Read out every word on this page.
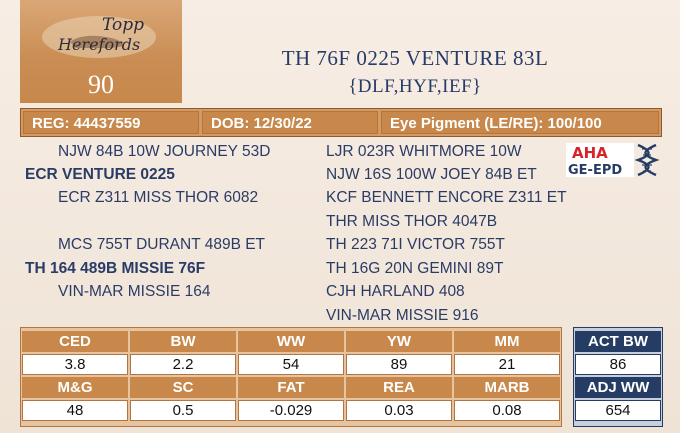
Topp
Herefords
90
TH 76F 0225 VENTURE 83L
{DLF,HYF,IEF}
REG: 44437559	DOB: 12/30/22	Eye Pigment (LE/RE): 100/100
NJW 84B 10W JOURNEY 53D
ECR VENTURE 0225
ECR Z311 MISS THOR 6082
MCS 755T DURANT 489B ET
TH 164 489B MISSIE 76F
VIN-MAR MISSIE 164
LJR 023R WHITMORE 10W
NJW 16S 100W JOEY 84B ET
KCF BENNETT ENCORE Z311 ET
THR MISS THOR 4047B
TH 223 71I VICTOR 755T
TH 16G 20N GEMINI 89T
CJH HARLAND 408
VIN-MAR MISSIE 916
AHA
GE-EPD
CED	BW	WW	YW	MM
3.8	2.2	54	89	21
M&G	SC	FAT	REA	MARB
48	0.5	-0.029	0.03	0.08
ACT BW
86
ADJ WW
654
